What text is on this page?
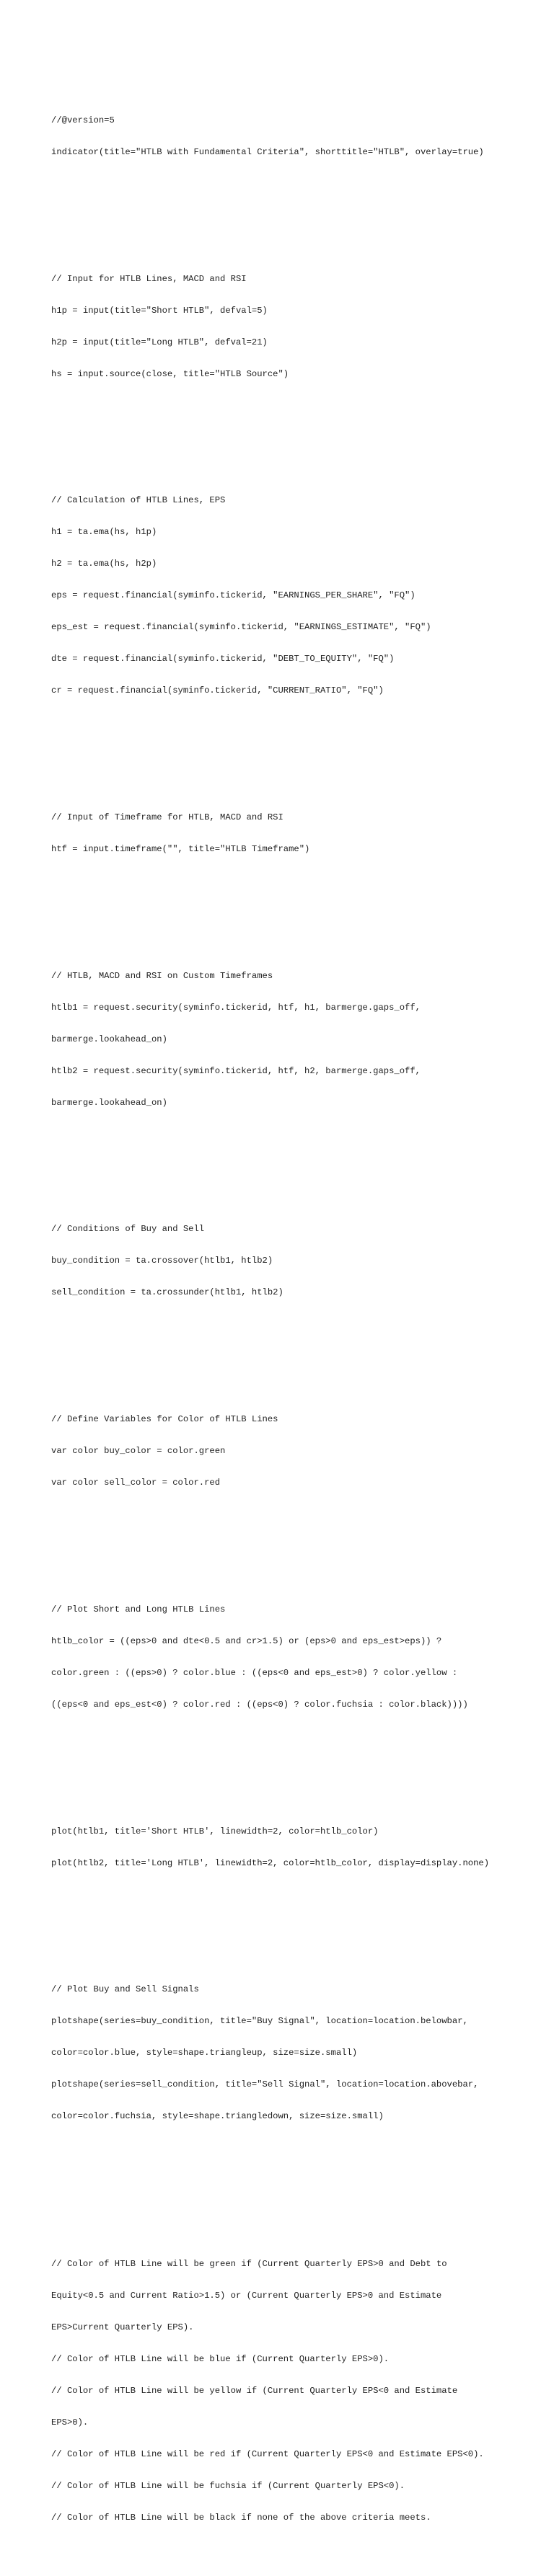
//@version=5

indicator(title="HTLB with Fundamental Criteria", shorttitle="HTLB", overlay=true)

// Input for HTLB Lines, MACD and RSI

h1p = input(title="Short HTLB", defval=5)

h2p = input(title="Long HTLB", defval=21)

hs = input.source(close, title="HTLB Source")

// Calculation of HTLB Lines, EPS

h1 = ta.ema(hs, h1p)

h2 = ta.ema(hs, h2p)

eps = request.financial(syminfo.tickerid, "EARNINGS_PER_SHARE", "FQ")

eps_est = request.financial(syminfo.tickerid, "EARNINGS_ESTIMATE", "FQ")

dte = request.financial(syminfo.tickerid, "DEBT_TO_EQUITY", "FQ")

cr = request.financial(syminfo.tickerid, "CURRENT_RATIO", "FQ")

// Input of Timeframe for HTLB, MACD and RSI

htf = input.timeframe("", title="HTLB Timeframe")

// HTLB, MACD and RSI on Custom Timeframes

htlb1 = request.security(syminfo.tickerid, htf, h1, barmerge.gaps_off,

barmerge.lookahead_on)

htlb2 = request.security(syminfo.tickerid, htf, h2, barmerge.gaps_off,

barmerge.lookahead_on)

// Conditions of Buy and Sell

buy_condition = ta.crossover(htlb1, htlb2)

sell_condition = ta.crossunder(htlb1, htlb2)

// Define Variables for Color of HTLB Lines

var color buy_color = color.green

var color sell_color = color.red

// Plot Short and Long HTLB Lines

htlb_color = ((eps>0 and dte<0.5 and cr>1.5) or (eps>0 and eps_est>eps)) ?

color.green : ((eps>0) ? color.blue : ((eps<0 and eps_est>0) ? color.yellow :

((eps<0 and eps_est<0) ? color.red : ((eps<0) ? color.fuchsia : color.black))))

plot(htlb1, title='Short HTLB', linewidth=2, color=htlb_color)

plot(htlb2, title='Long HTLB', linewidth=2, color=htlb_color, display=display.none)

// Plot Buy and Sell Signals

plotshape(series=buy_condition, title="Buy Signal", location=location.belowbar,

color=color.blue, style=shape.triangleup, size=size.small)

plotshape(series=sell_condition, title="Sell Signal", location=location.abovebar,

color=color.fuchsia, style=shape.triangledown, size=size.small)

// Color of HTLB Line will be green if (Current Quarterly EPS>0 and Debt to

Equity<0.5 and Current Ratio>1.5) or (Current Quarterly EPS>0 and Estimate

EPS>Current Quarterly EPS).

// Color of HTLB Line will be blue if (Current Quarterly EPS>0).

// Color of HTLB Line will be yellow if (Current Quarterly EPS<0 and Estimate

EPS>0).

// Color of HTLB Line will be red if (Current Quarterly EPS<0 and Estimate EPS<0).

// Color of HTLB Line will be fuchsia if (Current Quarterly EPS<0).

// Color of HTLB Line will be black if none of the above criteria meets.
